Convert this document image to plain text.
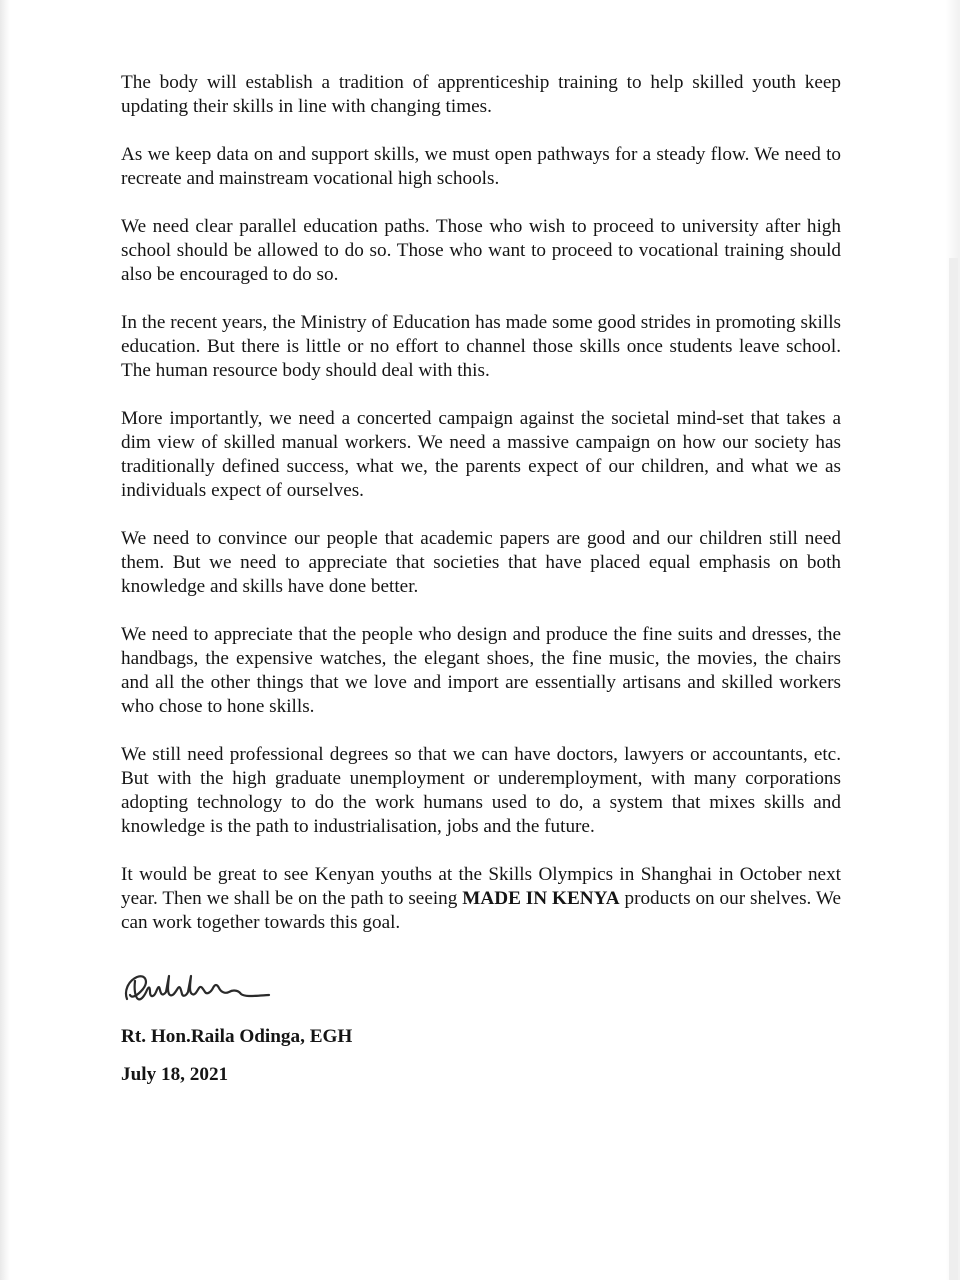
The body will establish a tradition of apprenticeship training to help skilled youth keep updating their skills in line with changing times.

As we keep data on and support skills, we must open pathways for a steady flow. We need to recreate and mainstream vocational high schools.

We need clear parallel education paths. Those who wish to proceed to university after high school should be allowed to do so. Those who want to proceed to vocational training should also be encouraged to do so.

In the recent years, the Ministry of Education has made some good strides in promoting skills education. But there is little or no effort to channel those skills once students leave school. The human resource body should deal with this.

More importantly, we need a concerted campaign against the societal mind-set that takes a dim view of skilled manual workers. We need a massive campaign on how our society has traditionally defined success, what we, the parents expect of our children, and what we as individuals expect of ourselves.

We need to convince our people that academic papers are good and our children still need them. But we need to appreciate that societies that have placed equal emphasis on both knowledge and skills have done better.

We need to appreciate that the people who design and produce the fine suits and dresses, the handbags, the expensive watches, the elegant shoes, the fine music, the movies, the chairs and all the other things that we love and import are essentially artisans and skilled workers who chose to hone skills.

We still need professional degrees so that we can have doctors, lawyers or accountants, etc. But with the high graduate unemployment or underemployment, with many corporations adopting technology to do the work humans used to do, a system that mixes skills and knowledge is the path to industrialisation, jobs and the future.

It would be great to see Kenyan youths at the Skills Olympics in Shanghai in October next year. Then we shall be on the path to seeing MADE IN KENYA products on our shelves. We can work together towards this goal.

Rt. Hon.Raila Odinga, EGH
July 18, 2021
